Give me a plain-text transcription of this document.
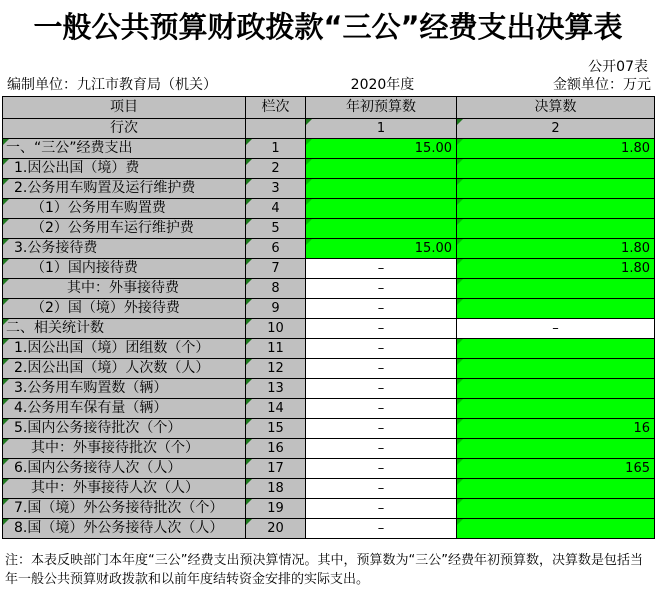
一般公共预算财政拨款“三公”经费支出决算表
公开07表
编制单位：九江市教育局（机关）	2020年度	金额单位：万元
项目	栏次	年初预算数	决算数
行次		1	2
一、“三公”经费支出	1	15.00	1.80
1.因公出国（境）费	2		
2.公务用车购置及运行维护费	3		
（1）公务用车购置费	4		
（2）公务用车运行维护费	5		
3.公务接待费	6	15.00	1.80
（1）国内接待费	7	–	1.80
其中：外事接待费	8	–	
（2）国（境）外接待费	9	–	
二、相关统计数	10	–	–
1.因公出国（境）团组数（个）	11	–	
2.因公出国（境）人次数（人）	12	–	
3.公务用车购置数（辆）	13	–	
4.公务用车保有量（辆）	14	–	
5.国内公务接待批次（个）	15	–	16
其中：外事接待批次（个）	16	–	
6.国内公务接待人次（人）	17	–	165
其中：外事接待人次（人）	18	–	
7.国（境）外公务接待批次（个）	19	–	
8.国（境）外公务接待人次（人）	20	–	
注：本表反映部门本年度“三公”经费支出预决算情况。其中，预算数为“三公”经费年初预算数，决算数是包括当年一般公共预算财政拨款和以前年度结转资金安排的实际支出。
